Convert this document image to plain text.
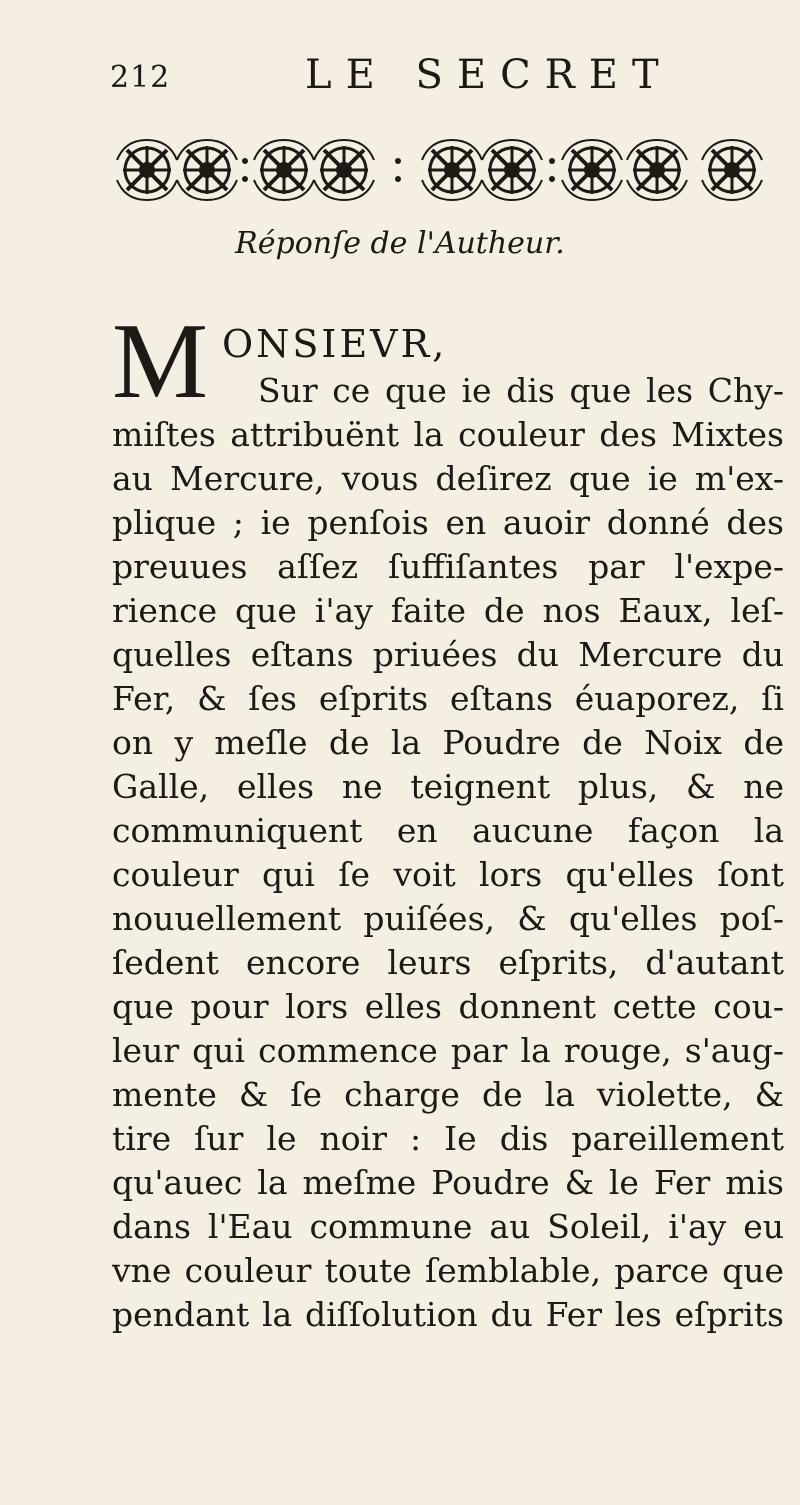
212	LE SECRET
Réponſe de l'Autheur.
M ONSIEVR,
Sur ce que ie dis que les Chy-
miſtes attribuënt la couleur des Mixtes
au Mercure, vous deſirez que ie m'ex-
plique ; ie penſois en auoir donné des
preuues aſſez ſuffiſantes par l'expe-
rience que i'ay faite de nos Eaux, leſ-
quelles eſtans priuées du Mercure du
Fer, & ſes eſprits eſtans éuaporez, ſi
on y meſle de la Poudre de Noix de
Galle, elles ne teignent plus, & ne
communiquent en aucune façon la
couleur qui ſe voit lors qu'elles ſont
nouuellement puiſées, & qu'elles poſ-
ſedent encore leurs eſprits, d'autant
que pour lors elles donnent cette cou-
leur qui commence par la rouge, s'aug-
mente & ſe charge de la violette, &
tire ſur le noir : Ie dis pareillement
qu'auec la meſme Poudre & le Fer mis
dans l'Eau commune au Soleil, i'ay eu
vne couleur toute ſemblable, parce que
pendant la diſſolution du Fer les eſprits
